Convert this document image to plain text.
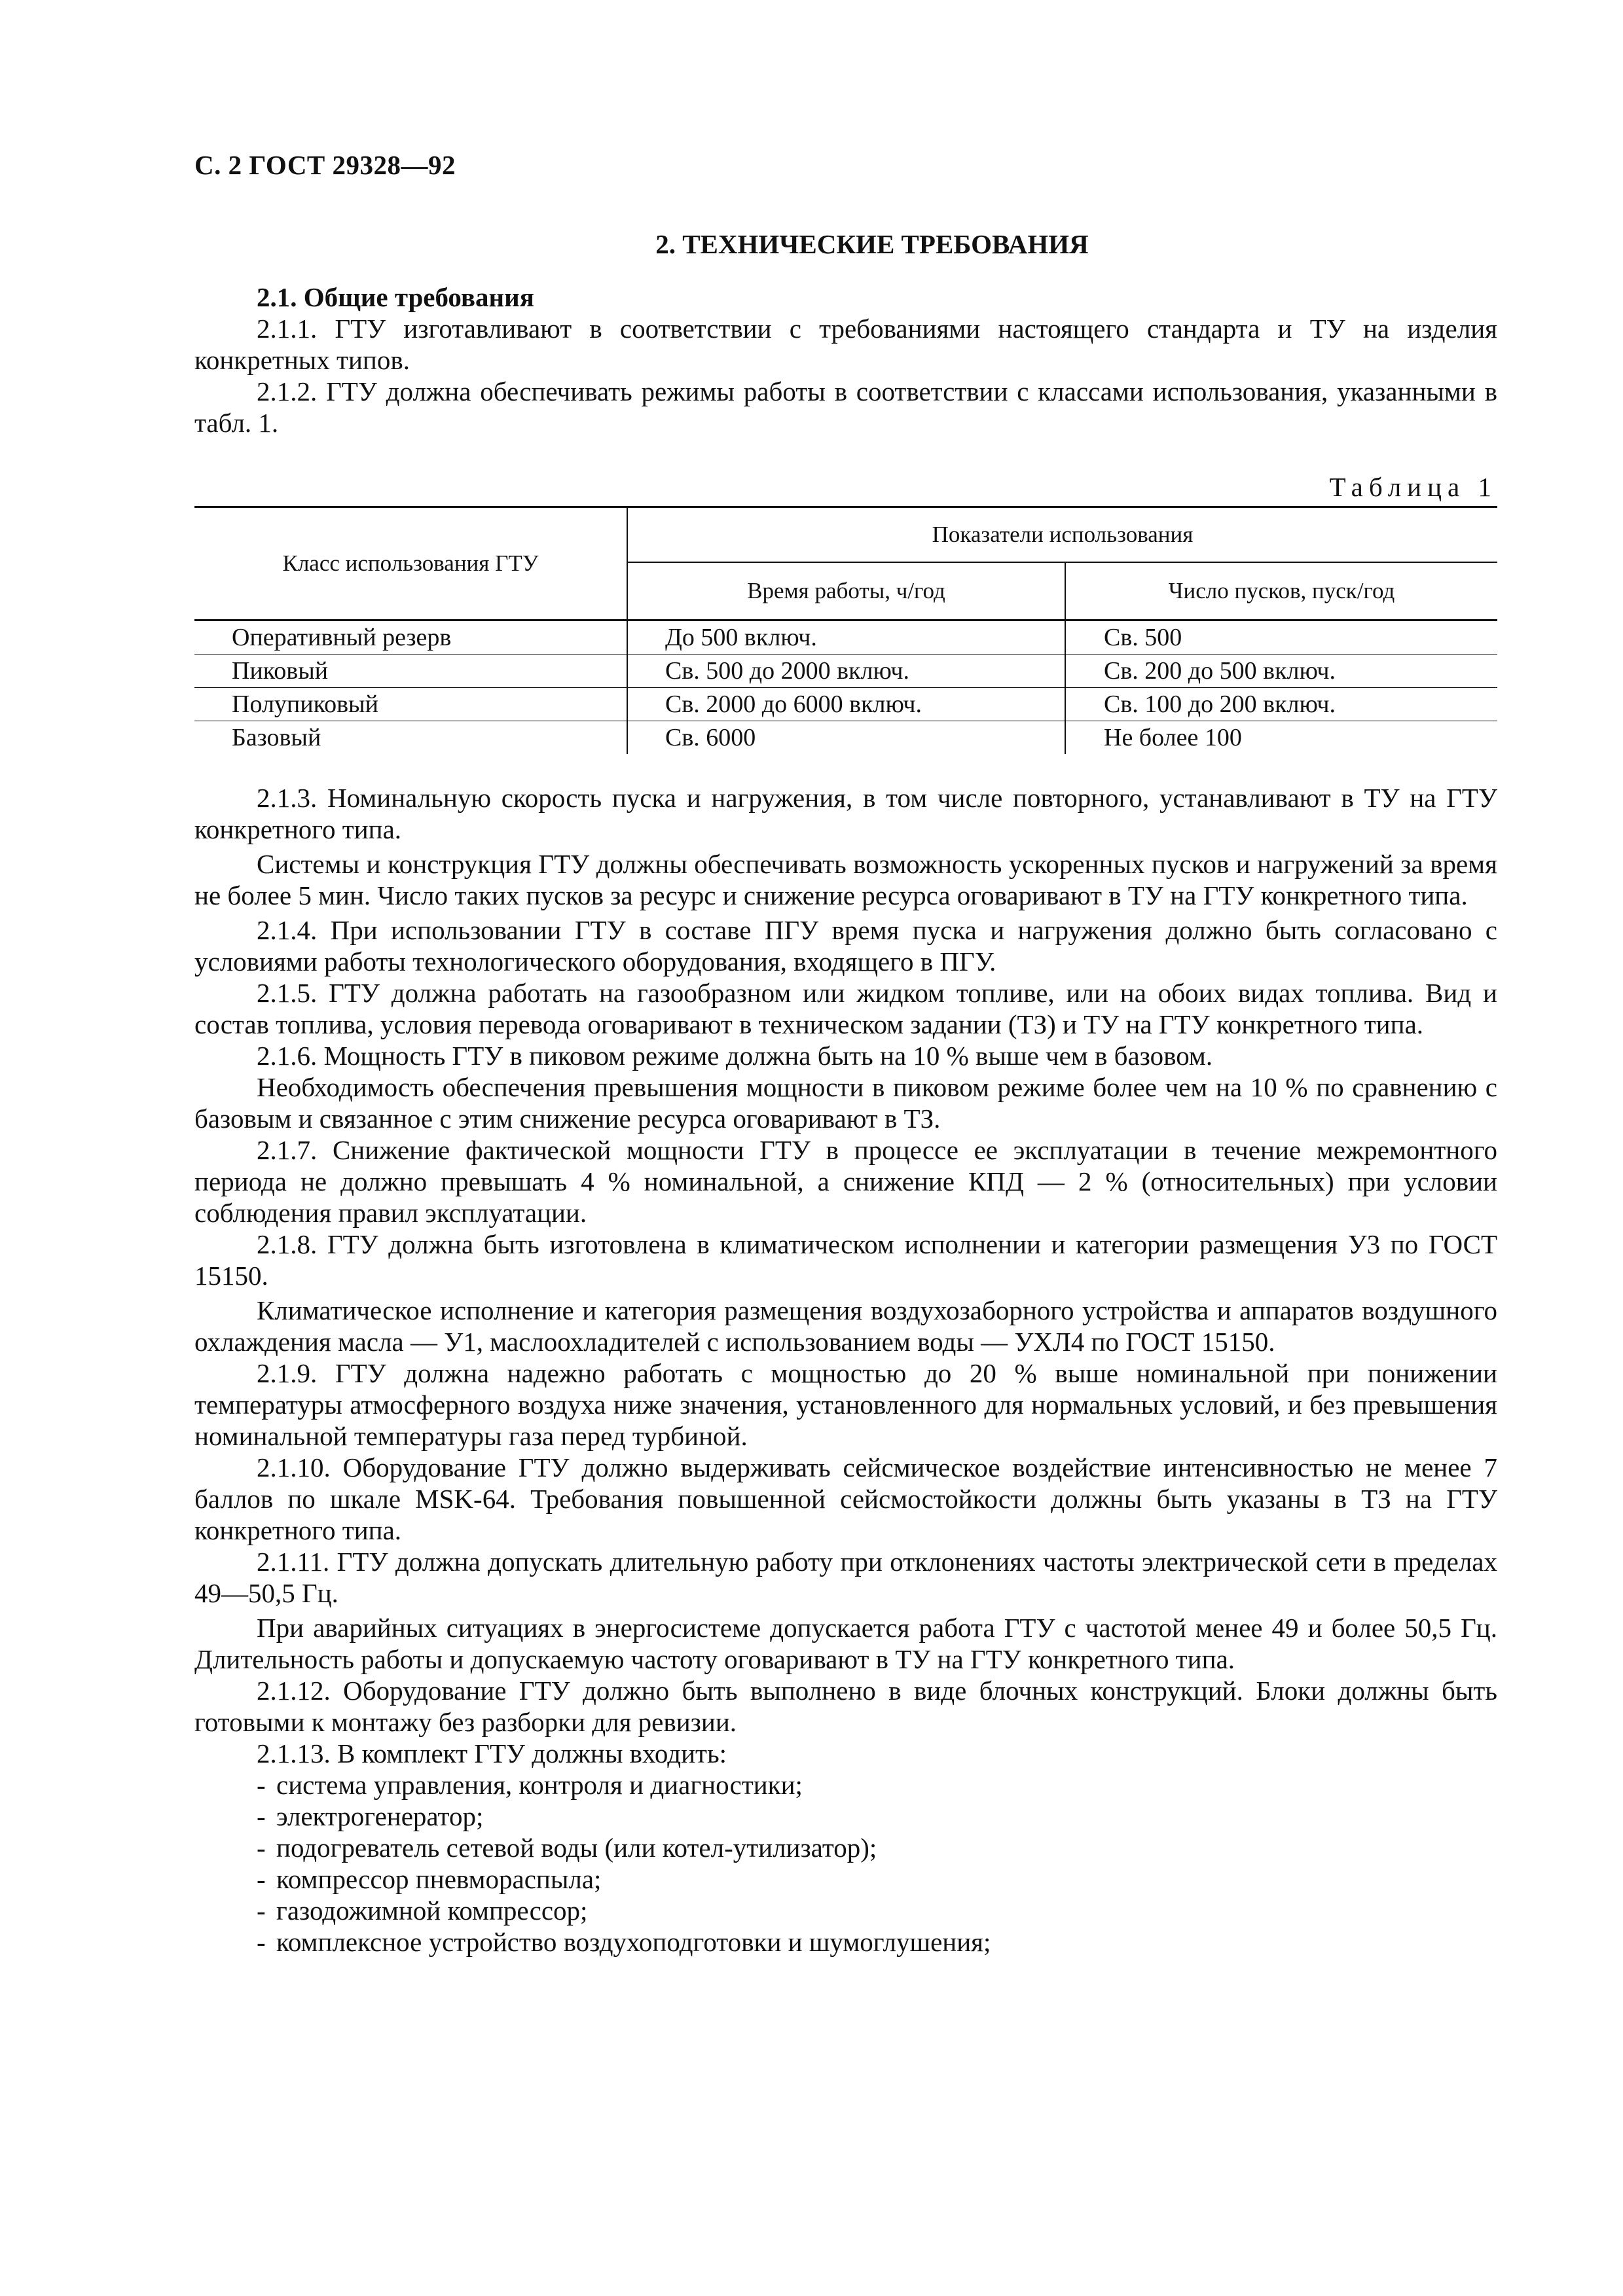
С. 2 ГОСТ 29328—92
2. ТЕХНИЧЕСКИЕ ТРЕБОВАНИЯ

2.1. Общие требования

2.1.1. ГТУ изготавливают в соответствии с требованиями настоящего стандарта и ТУ на изделия конкретных типов.

2.1.2. ГТУ должна обеспечивать режимы работы в соответствии с классами использования, указанными в табл. 1.

Таблица 1
Класс использования ГТУ	Показатели использования	
	Время работы, ч/год	Число пусков, пуск/год
Оперативный резерв	До 500 включ.	Св. 500
Пиковый	Св. 500 до 2000 включ.	Св. 200 до 500 включ.
Полупиковый	Св. 2000 до 6000 включ.	Св. 100 до 200 включ.
Базовый	Св. 6000	Не более 100

2.1.3. Номинальную скорость пуска и нагружения, в том числе повторного, устанавливают в ТУ на ГТУ конкретного типа.

Системы и конструкция ГТУ должны обеспечивать возможность ускоренных пусков и нагружений за время не более 5 мин. Число таких пусков за ресурс и снижение ресурса оговаривают в ТУ на ГТУ конкретного типа.

2.1.4. При использовании ГТУ в составе ПГУ время пуска и нагружения должно быть согласовано с условиями работы технологического оборудования, входящего в ПГУ.

2.1.5. ГТУ должна работать на газообразном или жидком топливе, или на обоих видах топлива. Вид и состав топлива, условия перевода оговаривают в техническом задании (ТЗ) и ТУ на ГТУ конкретного типа.

2.1.6. Мощность ГТУ в пиковом режиме должна быть на 10 % выше чем в базовом.

Необходимость обеспечения превышения мощности в пиковом режиме более чем на 10 % по сравнению с базовым и связанное с этим снижение ресурса оговаривают в ТЗ.

2.1.7. Снижение фактической мощности ГТУ в процессе ее эксплуатации в течение межремонтного периода не должно превышать 4 % номинальной, а снижение КПД — 2 % (относительных) при условии соблюдения правил эксплуатации.

2.1.8. ГТУ должна быть изготовлена в климатическом исполнении и категории размещения У3 по ГОСТ 15150.

Климатическое исполнение и категория размещения воздухозаборного устройства и аппаратов воздушного охлаждения масла — У1, маслоохладителей с использованием воды — УХЛ4 по ГОСТ 15150.

2.1.9. ГТУ должна надежно работать с мощностью до 20 % выше номинальной при понижении температуры атмосферного воздуха ниже значения, установленного для нормальных условий, и без превышения номинальной температуры газа перед турбиной.

2.1.10. Оборудование ГТУ должно выдерживать сейсмическое воздействие интенсивностью не менее 7 баллов по шкале MSK-64. Требования повышенной сейсмостойкости должны быть указаны в ТЗ на ГТУ конкретного типа.

2.1.11. ГТУ должна допускать длительную работу при отклонениях частоты электрической сети в пределах 49—50,5 Гц.

При аварийных ситуациях в энергосистеме допускается работа ГТУ с частотой менее 49 и более 50,5 Гц. Длительность работы и допускаемую частоту оговаривают в ТУ на ГТУ конкретного типа.

2.1.12. Оборудование ГТУ должно быть выполнено в виде блочных конструкций. Блоки должны быть готовыми к монтажу без разборки для ревизии.

2.1.13. В комплект ГТУ должны входить:

- система управления, контроля и диагностики;
- электрогенератор;
- подогреватель сетевой воды (или котел-утилизатор);
- компрессор пневмораспыла;
- газодожимной компрессор;
- комплексное устройство воздухоподготовки и шумоглушения;
